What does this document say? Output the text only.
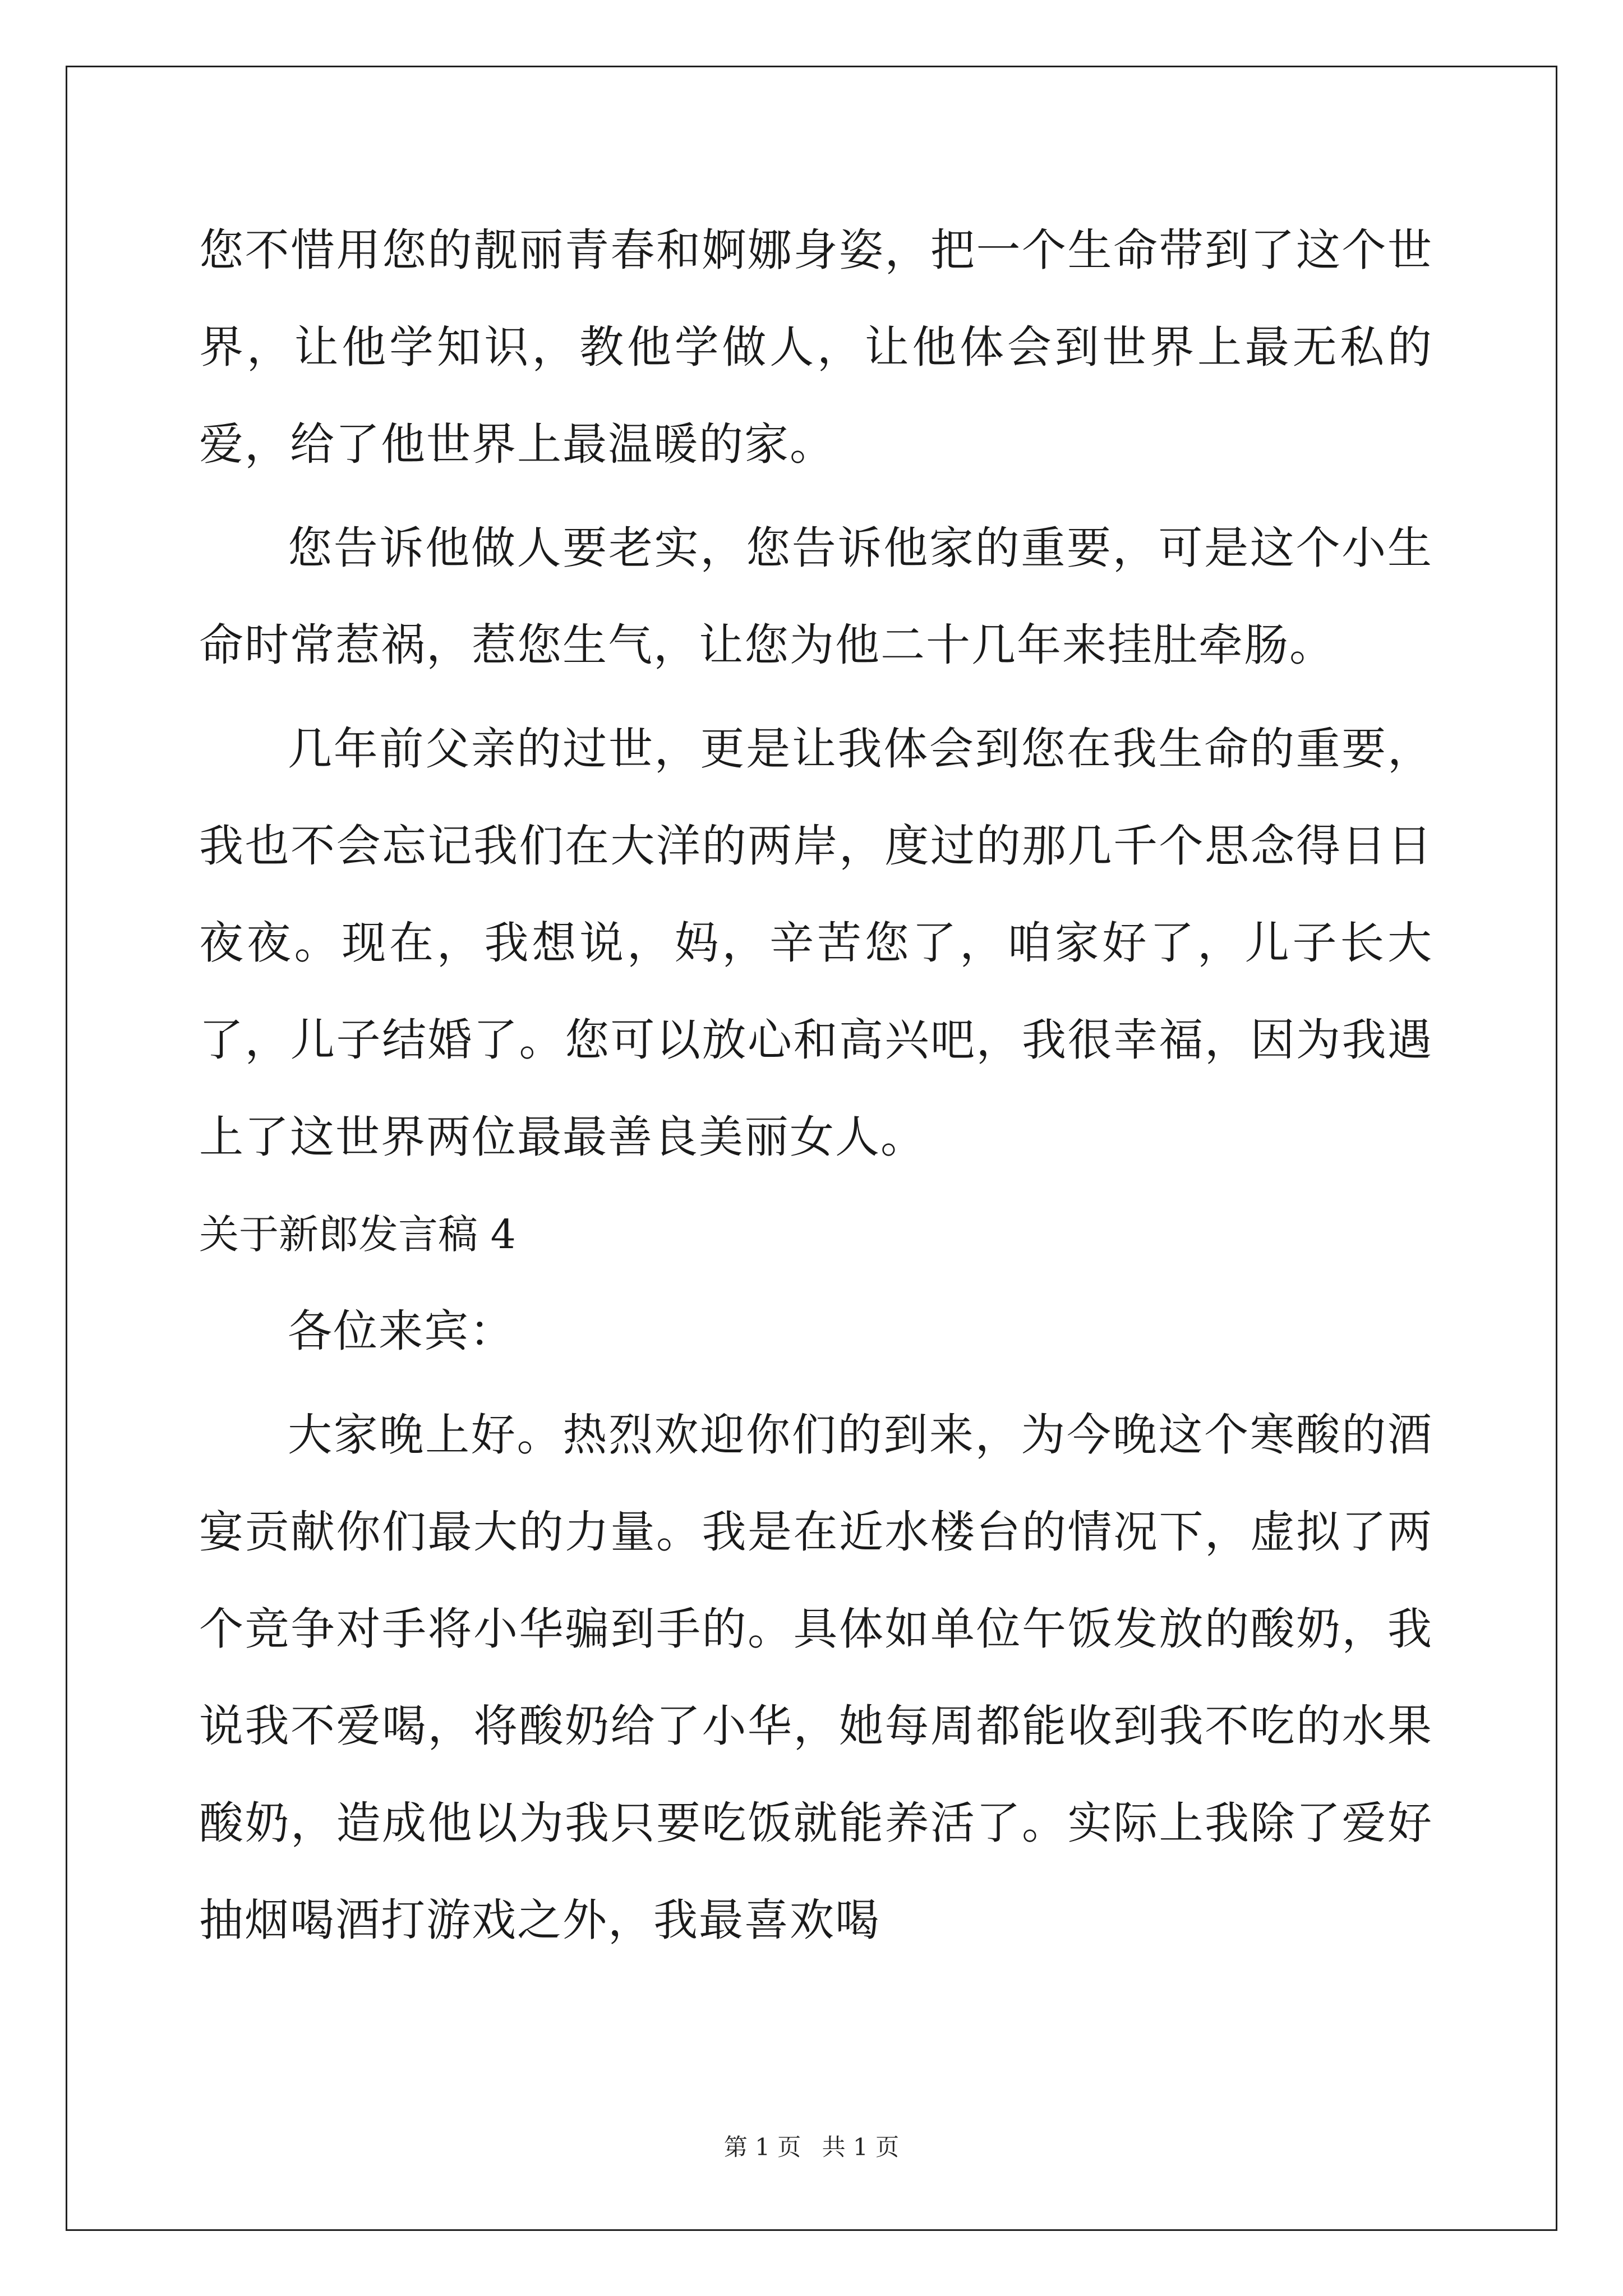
您不惜用您的靓丽青春和婀娜身姿，把一个生命带到了这个世界，让他学知识，教他学做人，让他体会到世界上最无私的爱，给了他世界上最温暖的家。

您告诉他做人要老实，您告诉他家的重要，可是这个小生命时常惹祸，惹您生气，让您为他二十几年来挂肚牵肠。

几年前父亲的过世，更是让我体会到您在我生命的重要，我也不会忘记我们在大洋的两岸，度过的那几千个思念得日日夜夜。现在，我想说，妈，辛苦您了，咱家好了，儿子长大了，儿子结婚了。您可以放心和高兴吧，我很幸福，因为我遇上了这世界两位最最善良美丽女人。

关于新郎发言稿 4

各位来宾：

大家晚上好。热烈欢迎你们的到来，为今晚这个寒酸的酒宴贡献你们最大的力量。我是在近水楼台的情况下，虚拟了两个竞争对手将小华骗到手的。具体如单位午饭发放的酸奶，我说我不爱喝，将酸奶给了小华，她每周都能收到我不吃的水果酸奶，造成他以为我只要吃饭就能养活了。实际上我除了爱好抽烟喝酒打游戏之外，我最喜欢喝

第 1 页 共 1 页
